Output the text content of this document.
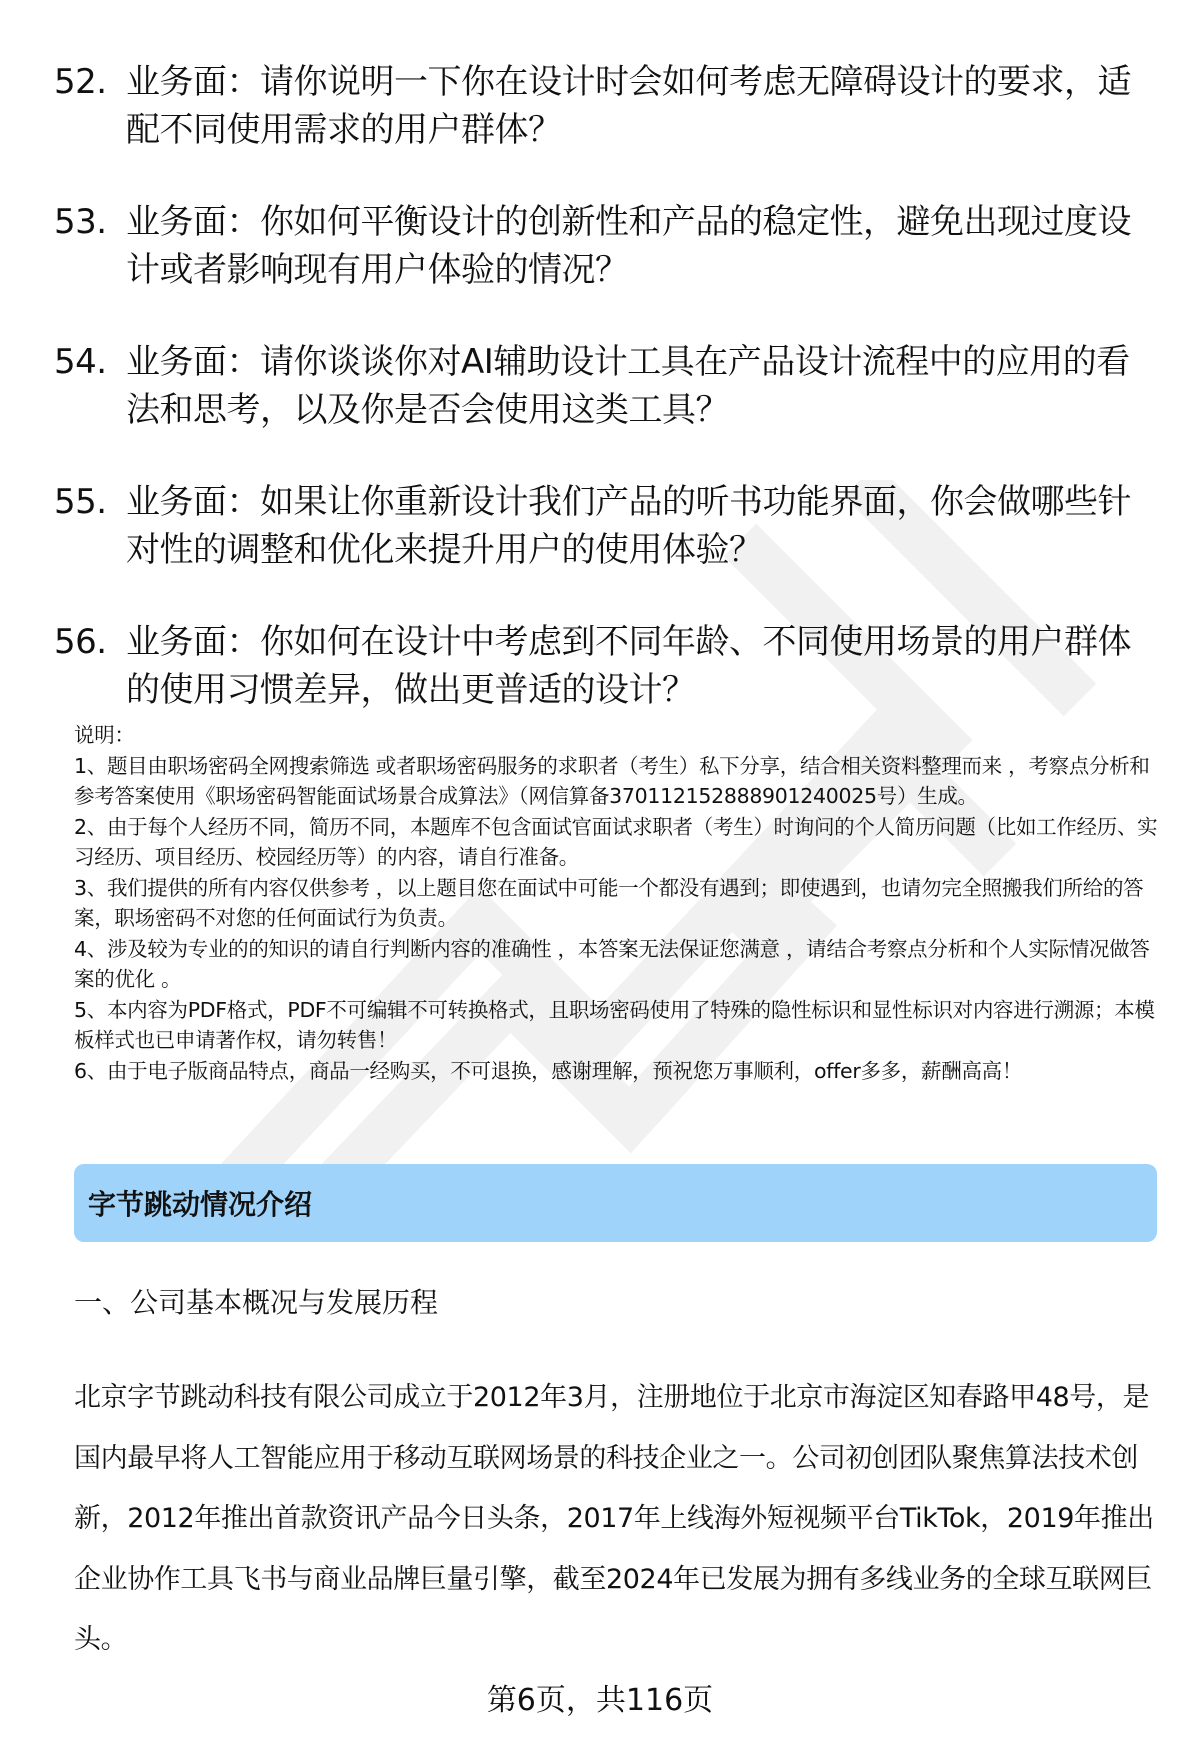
52. 业务面：请你说明一下你在设计时会如何考虑无障碍设计的要求，适配不同使用需求的用户群体？
53. 业务面：你如何平衡设计的创新性和产品的稳定性，避免出现过度设计或者影响现有用户体验的情况？
54. 业务面：请你谈谈你对AI辅助设计工具在产品设计流程中的应用的看法和思考，以及你是否会使用这类工具？
55. 业务面：如果让你重新设计我们产品的听书功能界面，你会做哪些针对性的调整和优化来提升用户的使用体验？
56. 业务面：你如何在设计中考虑到不同年龄、不同使用场景的用户群体的使用习惯差异，做出更普适的设计？

说明：

1、题目由职场密码全网搜索筛选 或者职场密码服务的求职者（考生）私下分享，结合相关资料整理而来 ，考察点分析和参考答案使用《职场密码智能面试场景合成算法》（网信算备370112152888901240025号）生成。

2、由于每个人经历不同，简历不同，本题库不包含面试官面试求职者（考生）时询问的个人简历问题（比如工作经历、实习经历、项目经历、校园经历等）的内容，请自行准备。

3、我们提供的所有内容仅供参考 ，以上题目您在面试中可能一个都没有遇到；即使遇到，也请勿完全照搬我们所给的答案，职场密码不对您的任何面试行为负责。

4、涉及较为专业的的知识的请自行判断内容的准确性 ，本答案无法保证您满意 ，请结合考察点分析和个人实际情况做答案的优化 。

5、本内容为PDF格式，PDF不可编辑不可转换格式，且职场密码使用了特殊的隐性标识和显性标识对内容进行溯源；本模板样式也已申请著作权，请勿转售！

6、由于电子版商品特点，商品一经购买，不可退换，感谢理解，预祝您万事顺利，offer多多，薪酬高高！

字节跳动情况介绍
一、公司基本概况与发展历程

北京字节跳动科技有限公司成立于2012年3月，注册地位于北京市海淀区知春路甲48号，是国内最早将人工智能应用于移动互联网场景的科技企业之一。公司初创团队聚焦算法技术创新，2012年推出首款资讯产品今日头条，2017年上线海外短视频平台TikTok，2019年推出企业协作工具飞书与商业品牌巨量引擎，截至2024年已发展为拥有多线业务的全球互联网巨头。

第6页，共116页
